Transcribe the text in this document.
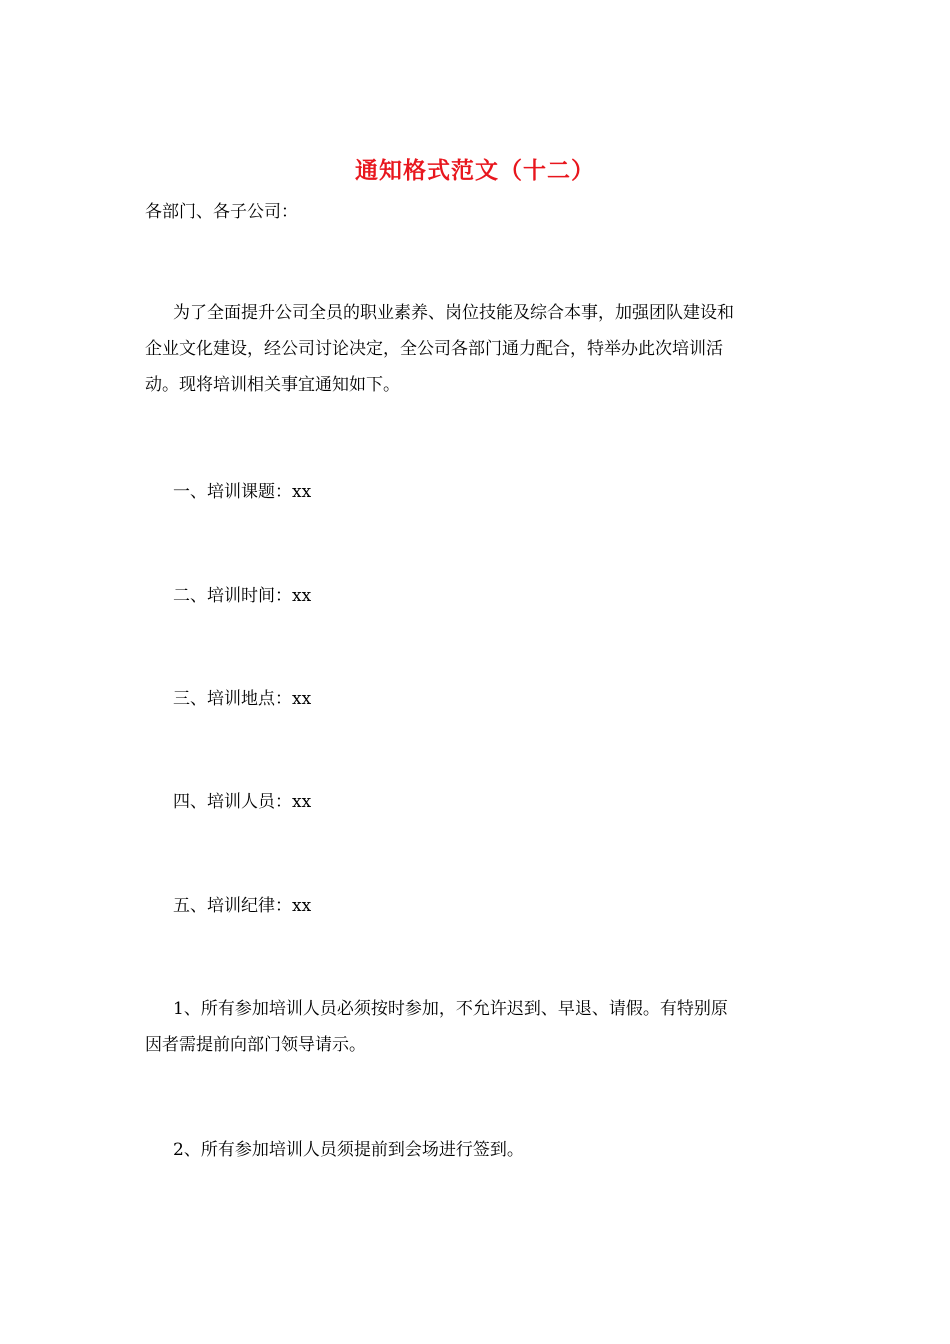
通知格式范文（十二）
各部门、各子公司：
为了全面提升公司全员的职业素养、岗位技能及综合本事，加强团队建设和
企业文化建设，经公司讨论决定，全公司各部门通力配合，特举办此次培训活
动。现将培训相关事宜通知如下。
一、培训课题：xx
二、培训时间：xx
三、培训地点：xx
四、培训人员：xx
五、培训纪律：xx
1、所有参加培训人员必须按时参加，不允许迟到、早退、请假。有特别原
因者需提前向部门领导请示。
2、所有参加培训人员须提前到会场进行签到。
